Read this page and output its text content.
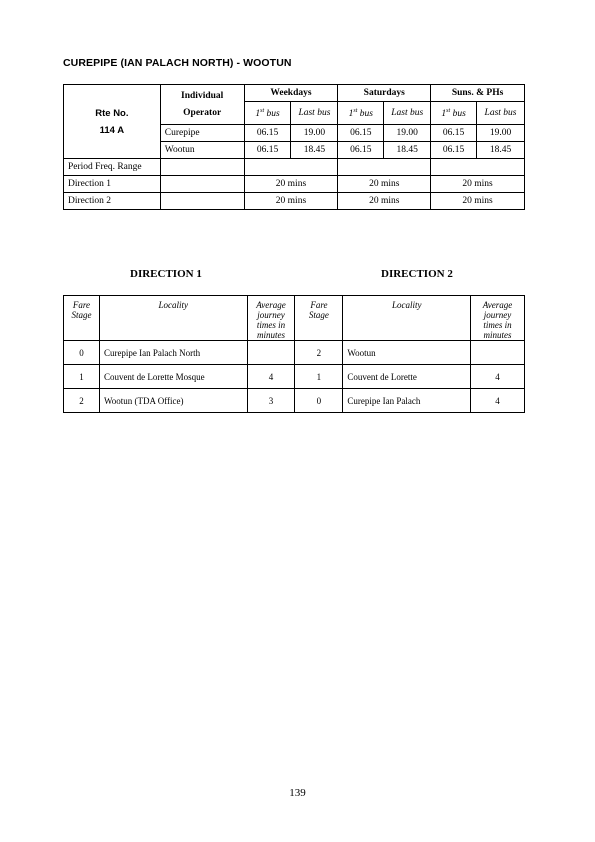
CUREPIPE (IAN PALACH NORTH) - WOOTUN
Rte No.
114 A	Individual
Operator	Weekdays		Saturdays		Suns. & PHs	
		1st bus	Last bus	1st bus	Last bus	1st bus	Last bus
	Curepipe	06.15	19.00	06.15	19.00	06.15	19.00
	Wootun	06.15	18.45	06.15	18.45	06.15	18.45
Period Freq. Range							
Direction 1		20 mins		20 mins		20 mins	
Direction 2		20 mins		20 mins		20 mins	
DIRECTION 1	DIRECTION 2
Fare
Stage	Locality	Average
journey
times in
minutes	Fare
Stage	Locality	Average
journey
times in
minutes
0	Curepipe Ian Palach North		2	Wootun	
1	Couvent de Lorette Mosque	4	1	Couvent de Lorette	4
2	Wootun (TDA Office)	3	0	Curepipe Ian Palach	4
139
